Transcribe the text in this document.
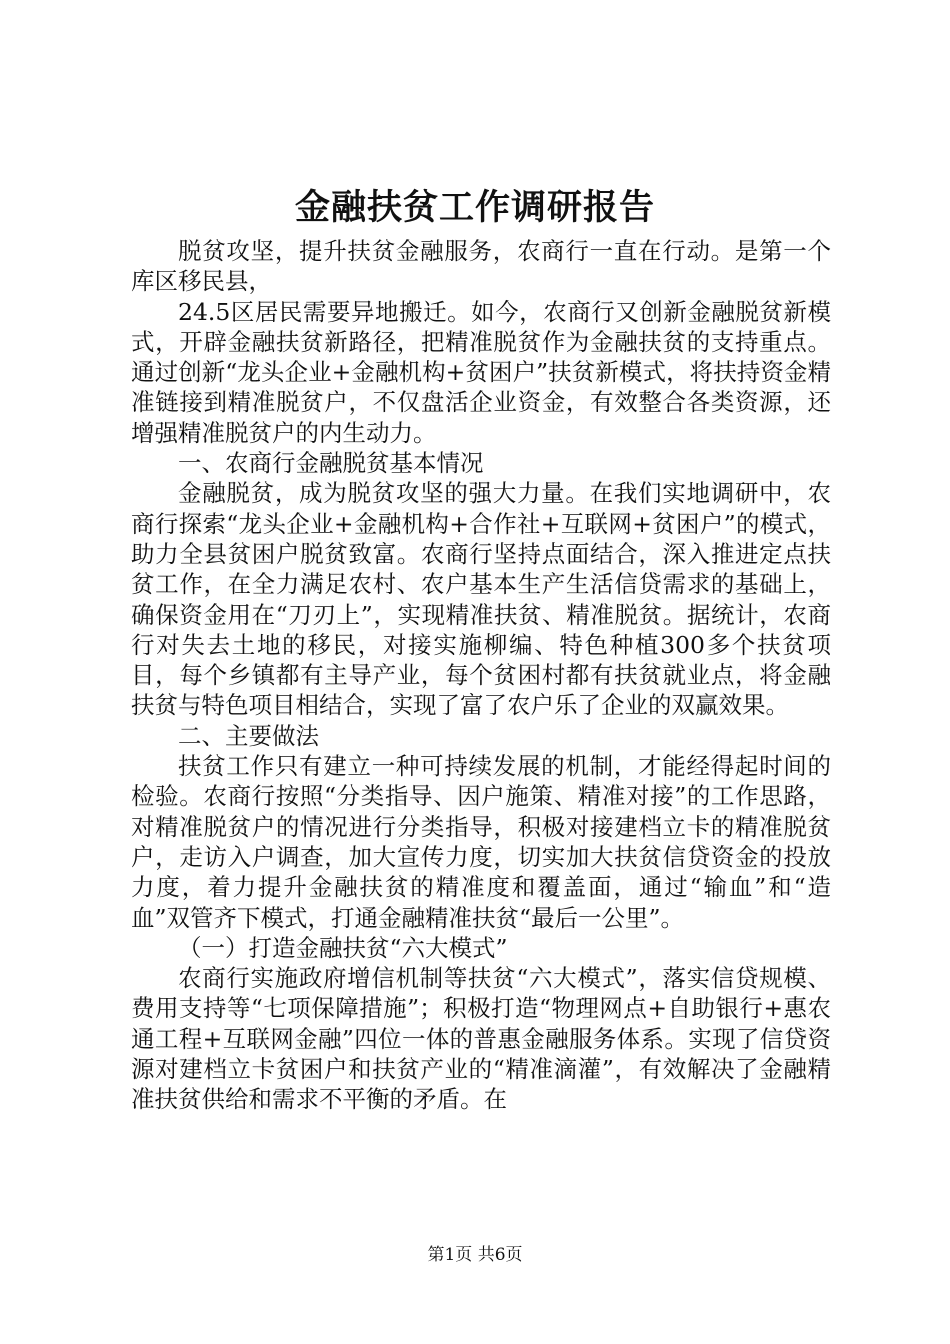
金融扶贫工作调研报告

脱贫攻坚，提升扶贫金融服务，农商行一直在行动。是第一个库区移民县，

24.5区居民需要异地搬迁。如今，农商行又创新金融脱贫新模式，开辟金融扶贫新路径，把精准脱贫作为金融扶贫的支持重点。通过创新“龙头企业+金融机构+贫困户”扶贫新模式，将扶持资金精准链接到精准脱贫户，不仅盘活企业资金，有效整合各类资源，还增强精准脱贫户的内生动力。

一、农商行金融脱贫基本情况

金融脱贫，成为脱贫攻坚的强大力量。在我们实地调研中，农商行探索“龙头企业+金融机构+合作社+互联网+贫困户”的模式，助力全县贫困户脱贫致富。农商行坚持点面结合，深入推进定点扶贫工作，在全力满足农村、农户基本生产生活信贷需求的基础上，确保资金用在“刀刃上”，实现精准扶贫、精准脱贫。据统计，农商行对失去土地的移民，对接实施柳编、特色种植300多个扶贫项目，每个乡镇都有主导产业，每个贫困村都有扶贫就业点，将金融扶贫与特色项目相结合，实现了富了农户乐了企业的双赢效果。

二、主要做法

扶贫工作只有建立一种可持续发展的机制，才能经得起时间的检验。农商行按照“分类指导、因户施策、精准对接”的工作思路，对精准脱贫户的情况进行分类指导，积极对接建档立卡的精准脱贫户，走访入户调查，加大宣传力度，切实加大扶贫信贷资金的投放力度，着力提升金融扶贫的精准度和覆盖面，通过“输血”和“造血”双管齐下模式，打通金融精准扶贫“最后一公里”。

（一）打造金融扶贫“六大模式”

农商行实施政府增信机制等扶贫“六大模式”，落实信贷规模、费用支持等“七项保障措施”；积极打造“物理网点+自助银行+惠农通工程+互联网金融”四位一体的普惠金融服务体系。实现了信贷资源对建档立卡贫困户和扶贫产业的“精准滴灌”，有效解决了金融精准扶贫供给和需求不平衡的矛盾。在

第1页 共6页
